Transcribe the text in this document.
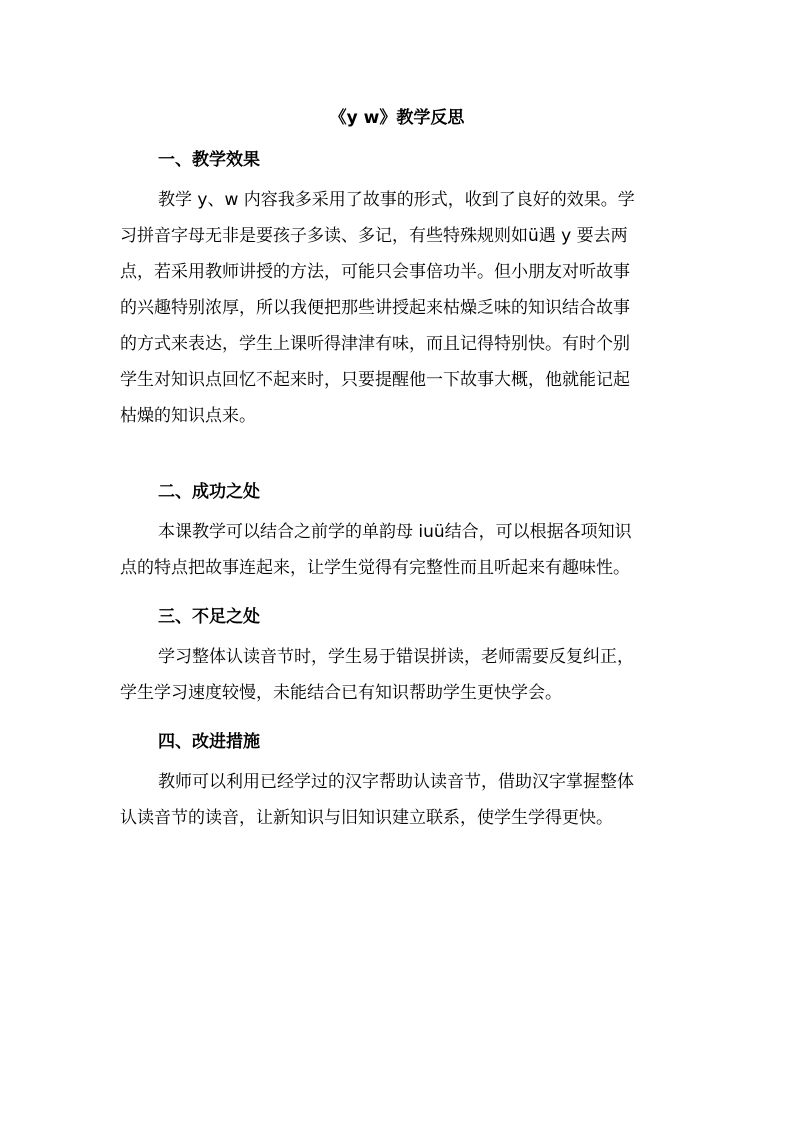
《y w》教学反思
一、教学效果
教学 y、w 内容我多采用了故事的形式，收到了良好的效果。学
习拼音字母无非是要孩子多读、多记，有些特殊规则如ü遇 y 要去两
点，若采用教师讲授的方法，可能只会事倍功半。但小朋友对听故事
的兴趣特别浓厚，所以我便把那些讲授起来枯燥乏味的知识结合故事
的方式来表达，学生上课听得津津有味，而且记得特别快。有时个别
学生对知识点回忆不起来时，只要提醒他一下故事大概，他就能记起
枯燥的知识点来。
二、成功之处
本课教学可以结合之前学的单韵母 iuü结合，可以根据各项知识
点的特点把故事连起来，让学生觉得有完整性而且听起来有趣味性。
三、不足之处
学习整体认读音节时，学生易于错误拼读，老师需要反复纠正，
学生学习速度较慢，未能结合已有知识帮助学生更快学会。
四、改进措施
教师可以利用已经学过的汉字帮助认读音节，借助汉字掌握整体
认读音节的读音，让新知识与旧知识建立联系，使学生学得更快。
